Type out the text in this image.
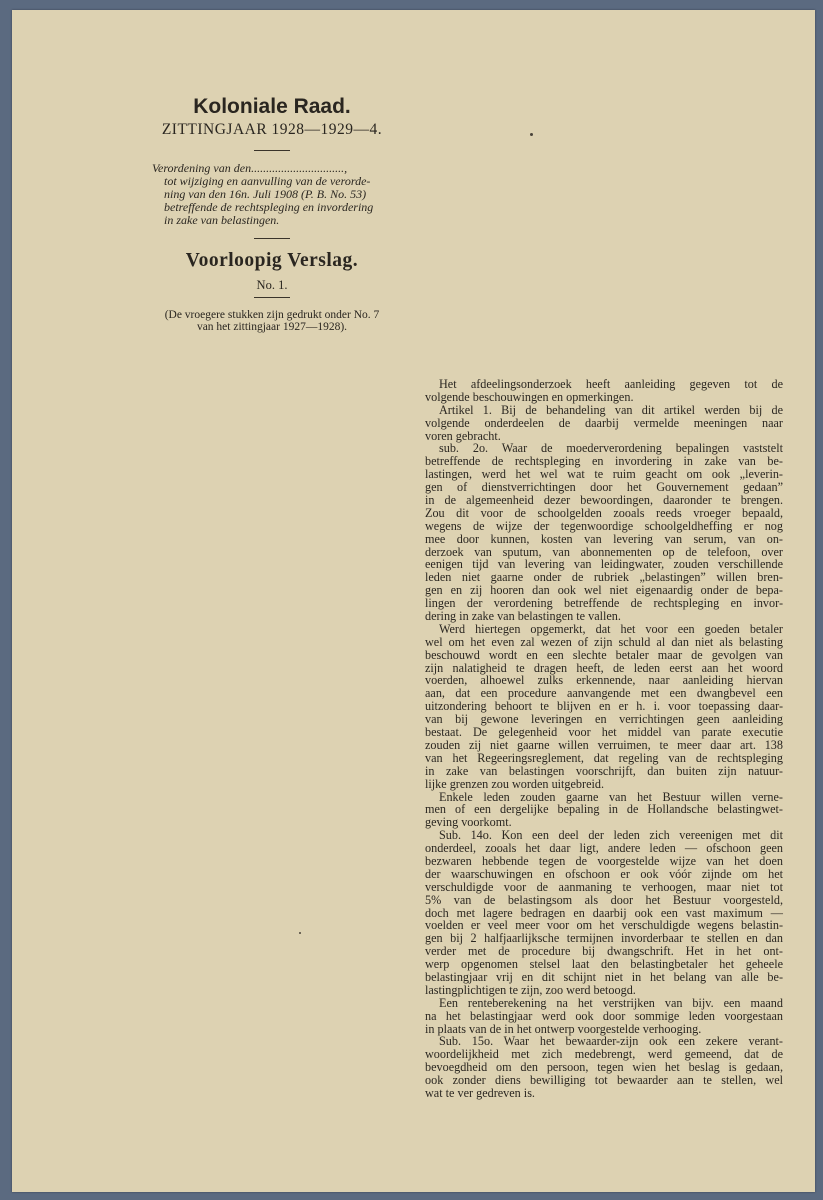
Koloniale Raad.
ZITTINGJAAR 1928—1929—4.
Verordening van den...............................,
tot wijziging en aanvulling van de verorde-
ning van den 16n. Juli 1908 (P. B. No. 53)
betreffende de rechtspleging en invordering
in zake van belastingen.
Voorloopig Verslag.
No. 1.
(De vroegere stukken zijn gedrukt onder No. 7
van het zittingjaar 1927—1928).
Het afdeelingsonderzoek heeft aanleiding gegeven tot de
volgende beschouwingen en opmerkingen.
Artikel 1. Bij de behandeling van dit artikel werden bij de
volgende onderdeelen de daarbij vermelde meeningen naar
voren gebracht.
sub. 2o. Waar de moederverordening bepalingen vaststelt
betreffende de rechtspleging en invordering in zake van be-
lastingen, werd het wel wat te ruim geacht om ook „leverin-
gen of dienstverrichtingen door het Gouvernement gedaan”
in de algemeenheid dezer bewoordingen, daaronder te brengen.
Zou dit voor de schoolgelden zooals reeds vroeger bepaald,
wegens de wijze der tegenwoordige schoolgeldheffing er nog
mee door kunnen, kosten van levering van serum, van on-
derzoek van sputum, van abonnementen op de telefoon, over
eenigen tijd van levering van leidingwater, zouden verschillende
leden niet gaarne onder de rubriek „belastingen” willen bren-
gen en zij hooren dan ook wel niet eigenaardig onder de bepa-
lingen der verordening betreffende de rechtspleging en invor-
dering in zake van belastingen te vallen.
Werd hiertegen opgemerkt, dat het voor een goeden betaler
wel om het even zal wezen of zijn schuld al dan niet als belasting
beschouwd wordt en een slechte betaler maar de gevolgen van
zijn nalatigheid te dragen heeft, de leden eerst aan het woord
voerden, alhoewel zulks erkennende, naar aanleiding hiervan
aan, dat een procedure aanvangende met een dwangbevel een
uitzondering behoort te blijven en er h. i. voor toepassing daar-
van bij gewone leveringen en verrichtingen geen aanleiding
bestaat. De gelegenheid voor het middel van parate executie
zouden zij niet gaarne willen verruimen, te meer daar art. 138
van het Regeeringsreglement, dat regeling van de rechtspleging
in zake van belastingen voorschrijft, dan buiten zijn natuur-
lijke grenzen zou worden uitgebreid.
Enkele leden zouden gaarne van het Bestuur willen verne-
men of een dergelijke bepaling in de Hollandsche belastingwet-
geving voorkomt.
Sub. 14o. Kon een deel der leden zich vereenigen met dit
onderdeel, zooals het daar ligt, andere leden — ofschoon geen
bezwaren hebbende tegen de voorgestelde wijze van het doen
der waarschuwingen en ofschoon er ook vóór zijnde om het
verschuldigde voor de aanmaning te verhoogen, maar niet tot
5% van de belastingsom als door het Bestuur voorgesteld,
doch met lagere bedragen en daarbij ook een vast maximum —
voelden er veel meer voor om het verschuldigde wegens belastin-
gen bij 2 halfjaarlijksche termijnen invorderbaar te stellen en dan
verder met de procedure bij dwangschrift. Het in het ont-
werp opgenomen stelsel laat den belastingbetaler het geheele
belastingjaar vrij en dit schijnt niet in het belang van alle be-
lastingplichtigen te zijn, zoo werd betoogd.
Een renteberekening na het verstrijken van bijv. een maand
na het belastingjaar werd ook door sommige leden voorgestaan
in plaats van de in het ontwerp voorgestelde verhooging.
Sub. 15o. Waar het bewaarder-zijn ook een zekere verant-
woordelijkheid met zich medebrengt, werd gemeend, dat de
bevoegdheid om den persoon, tegen wien het beslag is gedaan,
ook zonder diens bewilliging tot bewaarder aan te stellen, wel
wat te ver gedreven is.
